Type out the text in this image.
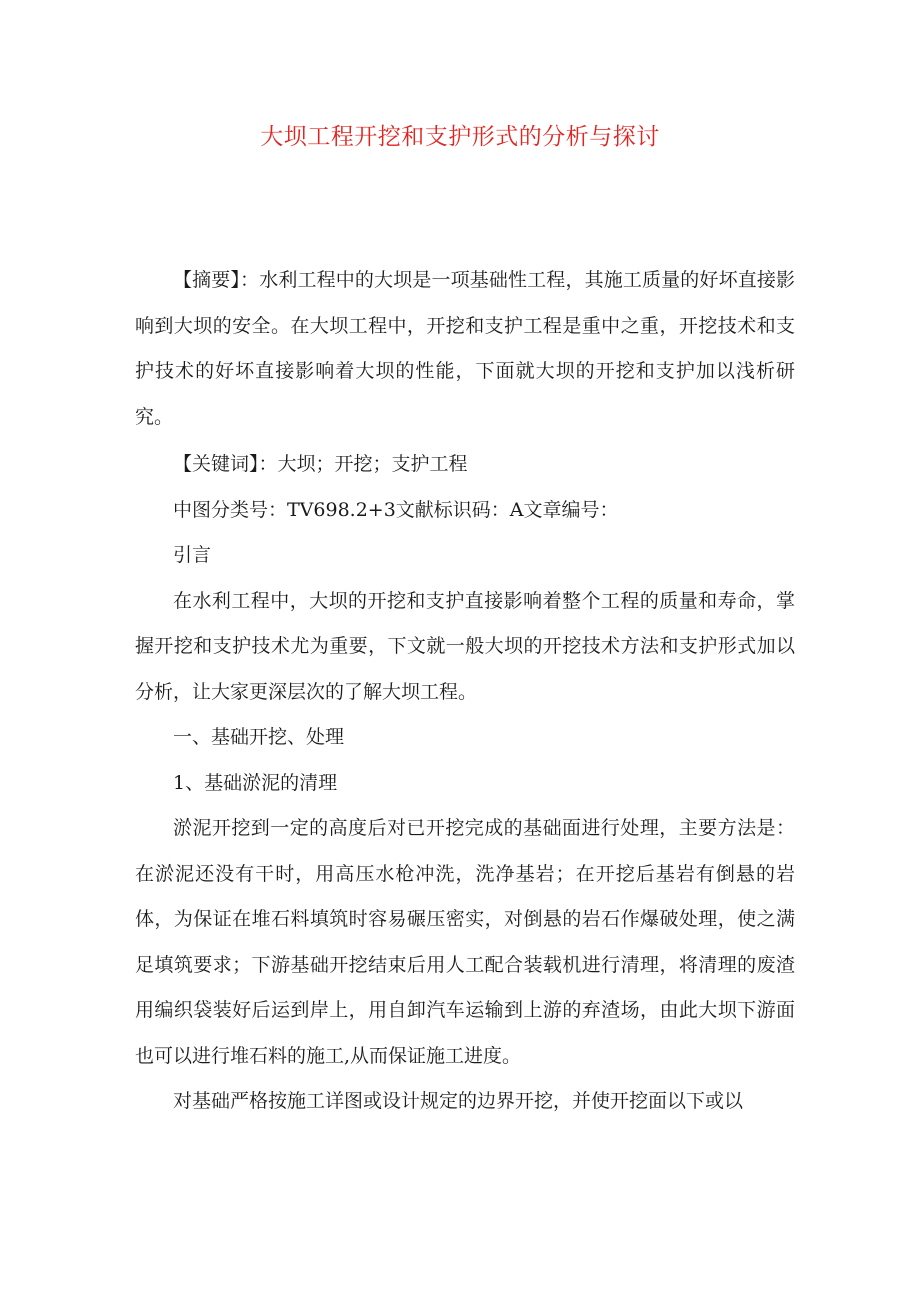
大坝工程开挖和支护形式的分析与探讨

【摘要】：水利工程中的大坝是一项基础性工程，其施工质量的好坏直接影响到大坝的安全。在大坝工程中，开挖和支护工程是重中之重，开挖技术和支护技术的好坏直接影响着大坝的性能，下面就大坝的开挖和支护加以浅析研究。

【关键词】：大坝；开挖；支护工程

中图分类号：TV698.2+3文献标识码：A文章编号：

引言

在水利工程中，大坝的开挖和支护直接影响着整个工程的质量和寿命，掌握开挖和支护技术尤为重要，下文就一般大坝的开挖技术方法和支护形式加以分析，让大家更深层次的了解大坝工程。

一、基础开挖、处理

1、基础淤泥的清理

淤泥开挖到一定的高度后对已开挖完成的基础面进行处理，主要方法是：在淤泥还没有干时，用高压水枪冲洗，洗净基岩；在开挖后基岩有倒悬的岩体，为保证在堆石料填筑时容易碾压密实，对倒悬的岩石作爆破处理，使之满足填筑要求；下游基础开挖结束后用人工配合装载机进行清理，将清理的废渣用编织袋装好后运到岸上，用自卸汽车运输到上游的弃渣场，由此大坝下游面也可以进行堆石料的施工,从而保证施工进度。

对基础严格按施工详图或设计规定的边界开挖，并使开挖面以下或以
